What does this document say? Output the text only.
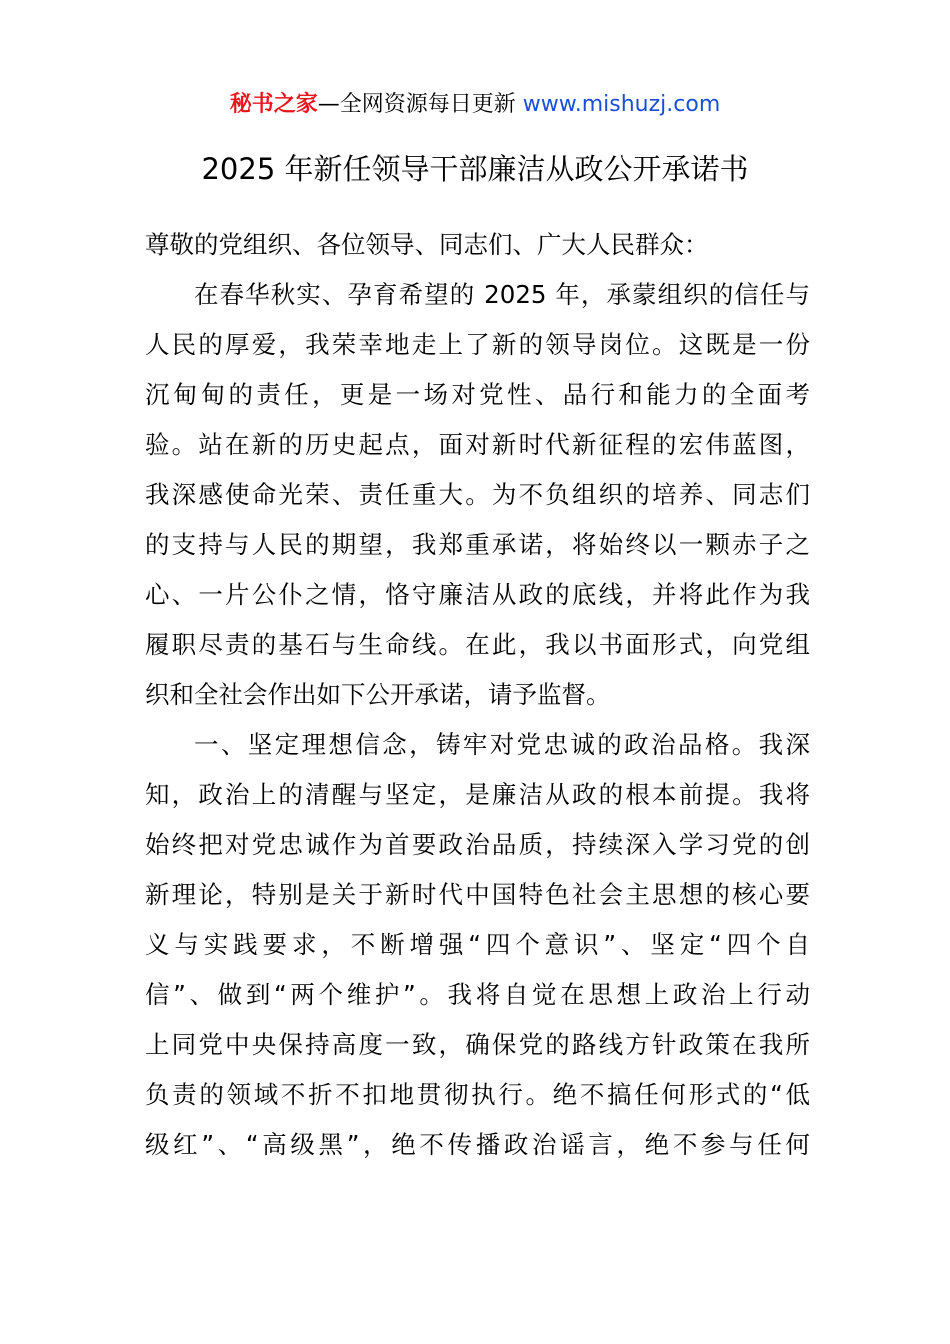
秘书之家—全网资源每日更新 www.mishuzj.com
2025 年新任领导干部廉洁从政公开承诺书
尊敬的党组织、各位领导、同志们、广大人民群众：
在春华秋实、孕育希望的 2025 年，承蒙组织的信任与
人民的厚爱，我荣幸地走上了新的领导岗位。这既是一份
沉甸甸的责任，更是一场对党性、品行和能力的全面考
验。站在新的历史起点，面对新时代新征程的宏伟蓝图，
我深感使命光荣、责任重大。为不负组织的培养、同志们
的支持与人民的期望，我郑重承诺，将始终以一颗赤子之
心、一片公仆之情，恪守廉洁从政的底线，并将此作为我
履职尽责的基石与生命线。在此，我以书面形式，向党组
织和全社会作出如下公开承诺，请予监督。
一、坚定理想信念，铸牢对党忠诚的政治品格。我深
知，政治上的清醒与坚定，是廉洁从政的根本前提。我将
始终把对党忠诚作为首要政治品质，持续深入学习党的创
新理论，特别是关于新时代中国特色社会主思想的核心要
义与实践要求，不断增强“四个意识”、坚定“四个自
信”、做到“两个维护”。我将自觉在思想上政治上行动
上同党中央保持高度一致，确保党的路线方针政策在我所
负责的领域不折不扣地贯彻执行。绝不搞任何形式的“低
级红”、“高级黑”，绝不传播政治谣言，绝不参与任何
